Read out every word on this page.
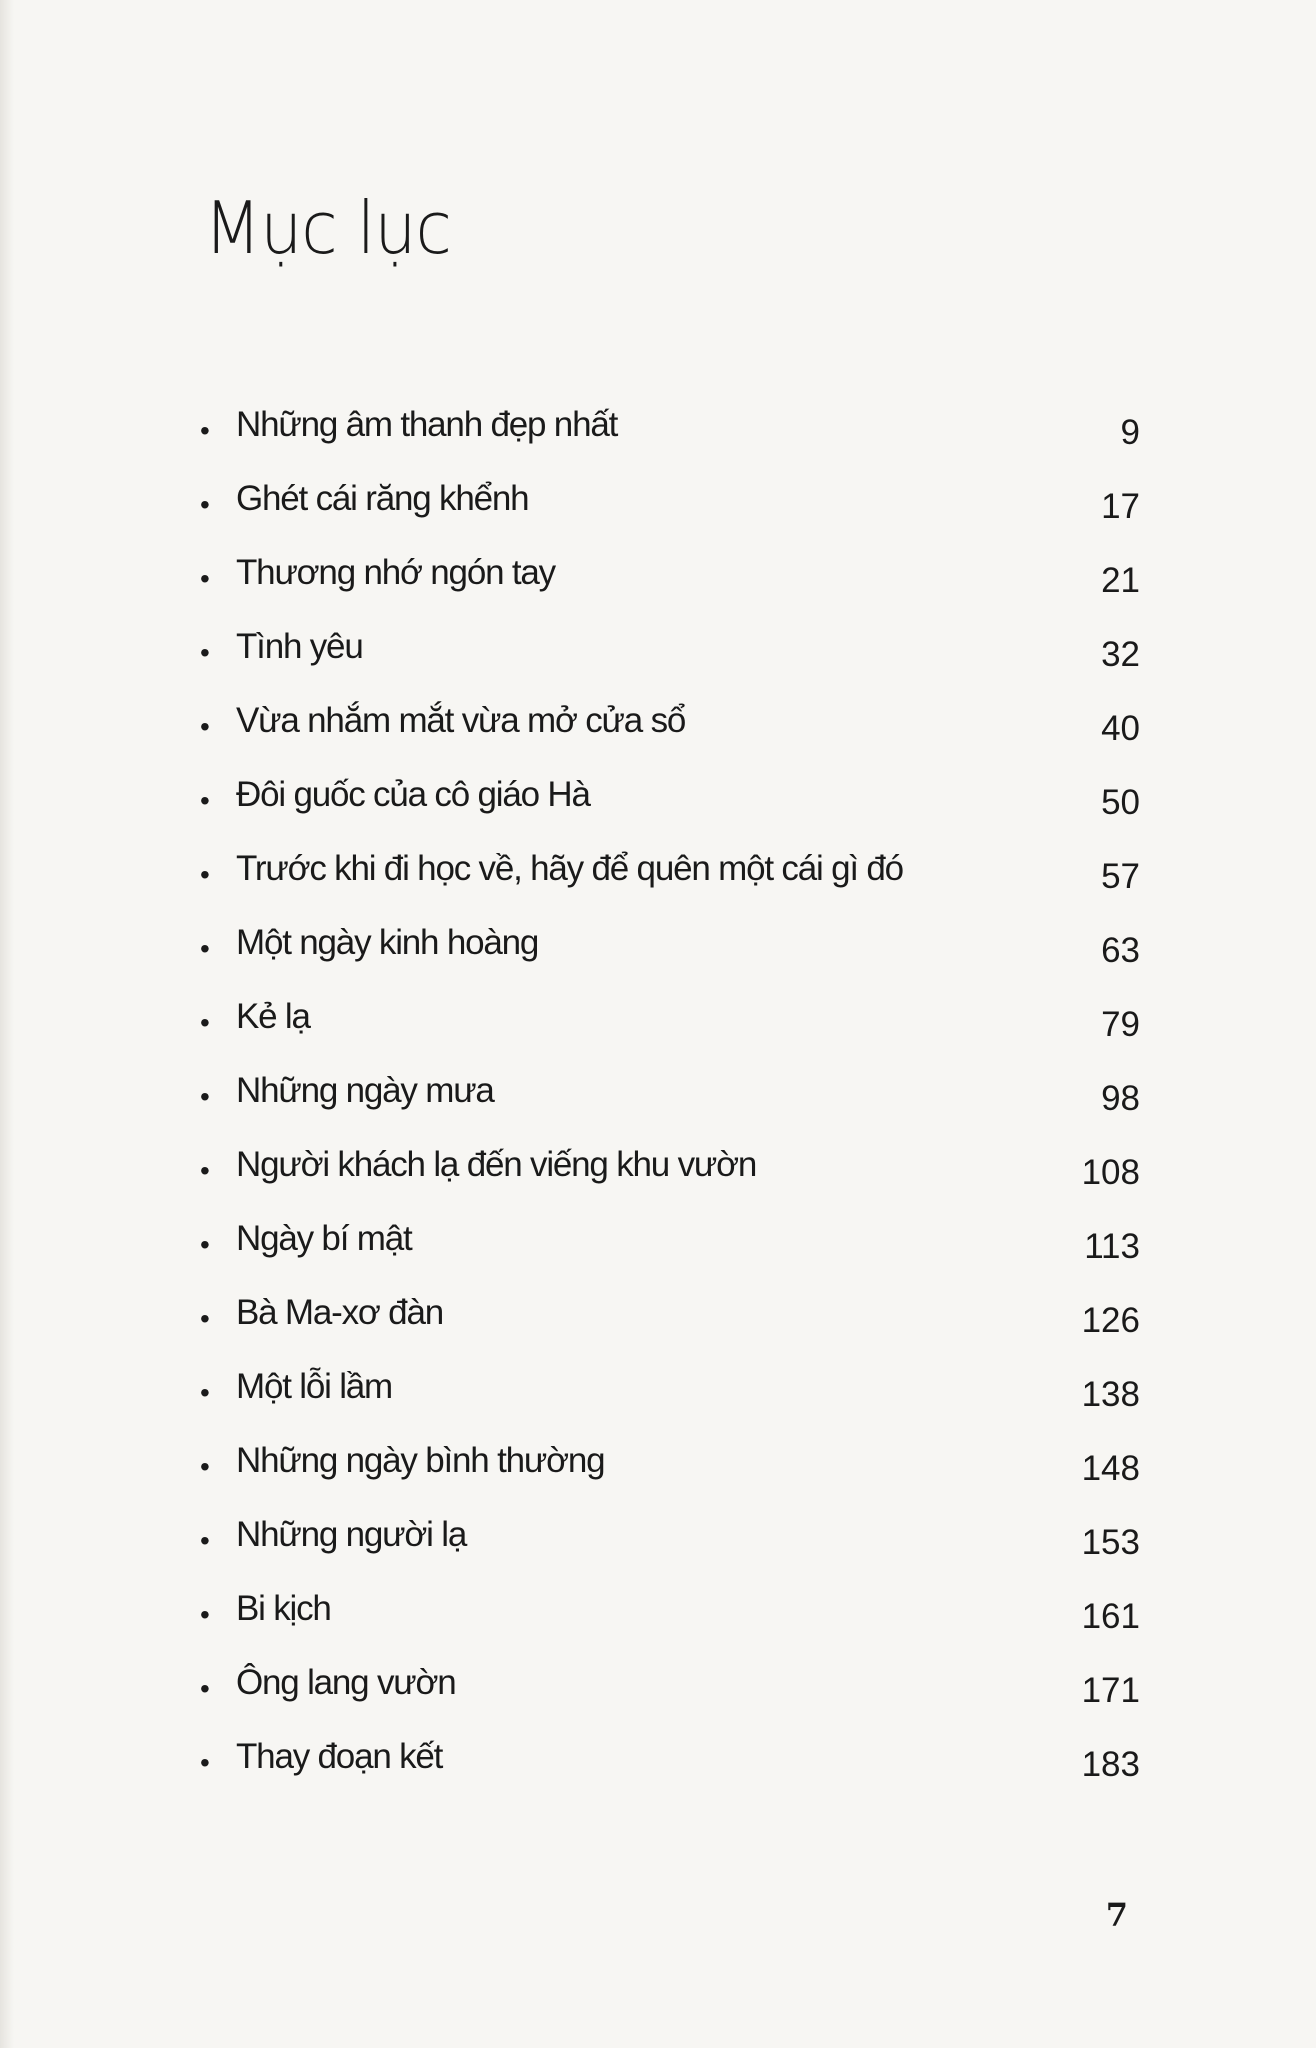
Mục lục
• Những âm thanh đẹp nhất	9
• Ghét cái răng khểnh	17
• Thương nhớ ngón tay	21
• Tình yêu	32
• Vừa nhắm mắt vừa mở cửa sổ	40
• Đôi guốc của cô giáo Hà	50
• Trước khi đi học về, hãy để quên một cái gì đó	57
• Một ngày kinh hoàng	63
• Kẻ lạ	79
• Những ngày mưa	98
• Người khách lạ đến viếng khu vườn	108
• Ngày bí mật	113
• Bà Ma-xơ đàn	126
• Một lỗi lầm	138
• Những ngày bình thường	148
• Những người lạ	153
• Bi kịch	161
• Ông lang vườn	171
• Thay đoạn kết	183
7
